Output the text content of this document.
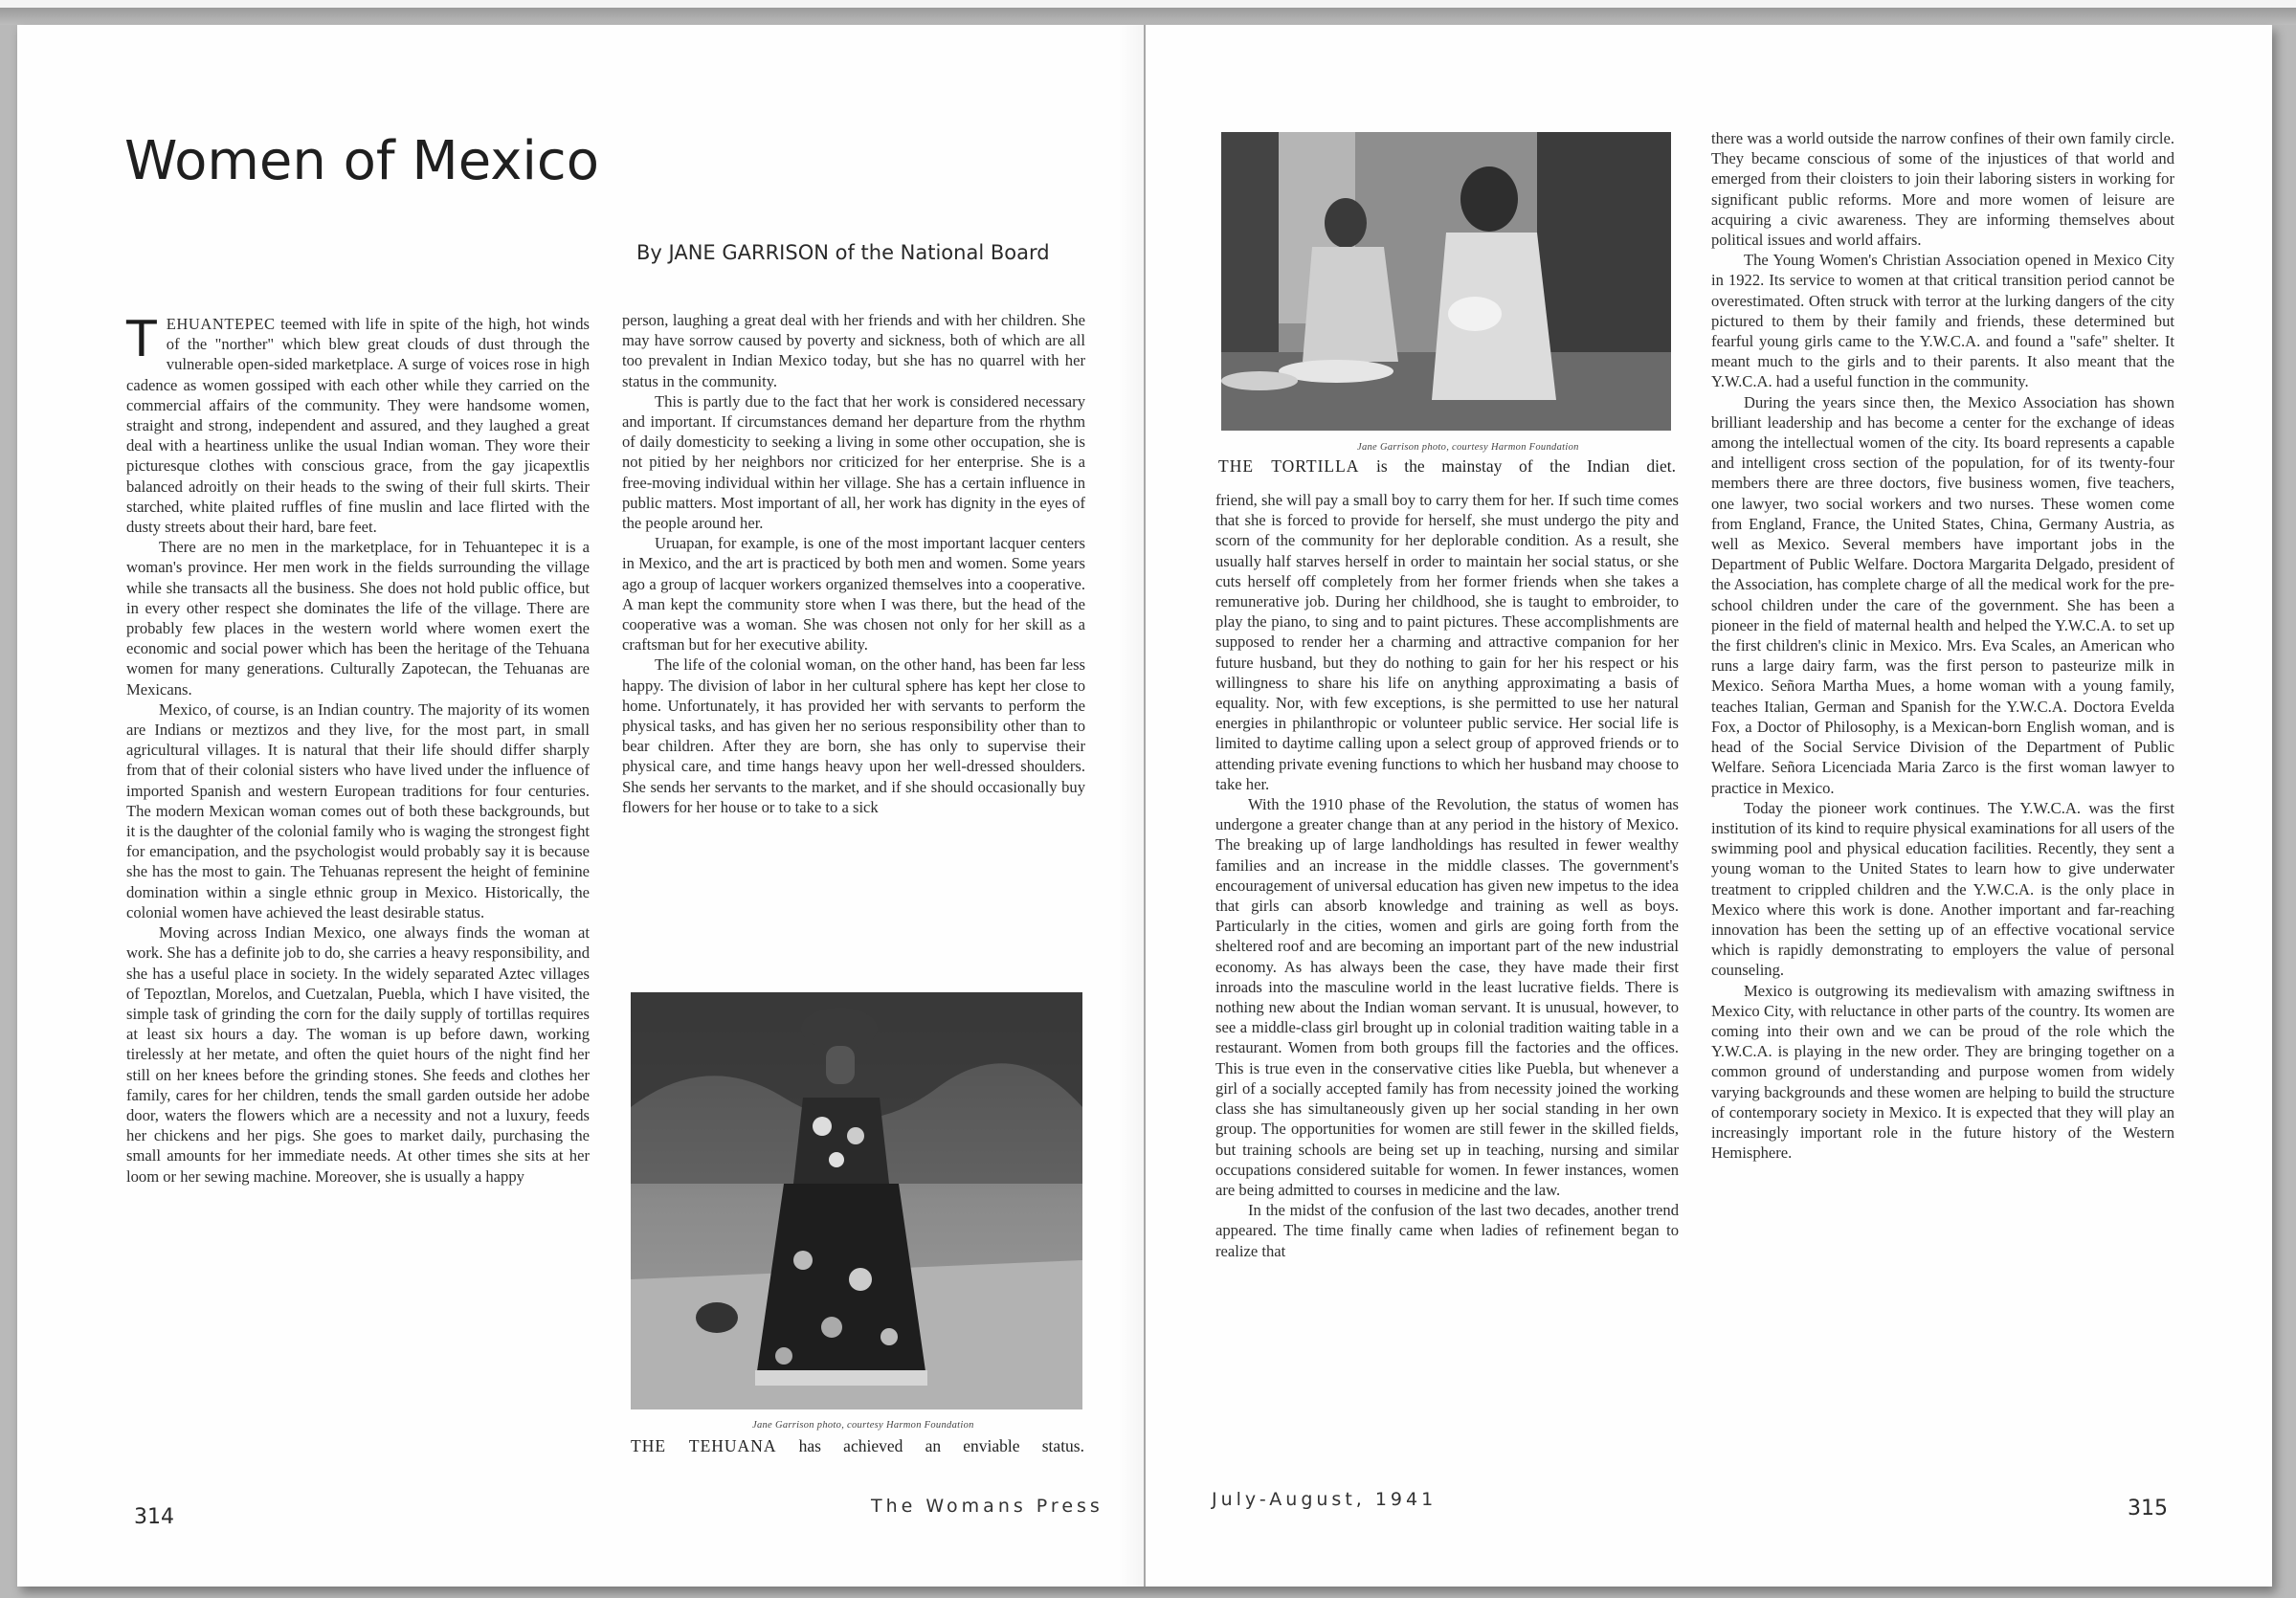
Women of Mexico
By JANE GARRISON of the National Board

TEHUANTEPEC teemed with life in spite of the high, hot winds of the "norther" which blew great clouds of dust through the vulnerable open-sided marketplace. A surge of voices rose in high cadence as women gossiped with each other while they carried on the commercial affairs of the community. They were handsome women, straight and strong, independent and assured, and they laughed a great deal with a heartiness unlike the usual Indian woman. They wore their picturesque clothes with conscious grace, from the gay jicapextlis balanced adroitly on their heads to the swing of their full skirts. Their starched, white plaited ruffles of fine muslin and lace flirted with the dusty streets about their hard, bare feet.

There are no men in the marketplace, for in Tehuantepec it is a woman's province. Her men work in the fields surrounding the village while she transacts all the business. She does not hold public office, but in every other respect she dominates the life of the village. There are probably few places in the western world where women exert the economic and social power which has been the heritage of the Tehuana women for many generations. Culturally Zapotecan, the Tehuanas are Mexicans.

Mexico, of course, is an Indian country. The majority of its women are Indians or meztizos and they live, for the most part, in small agricultural villages. It is natural that their life should differ sharply from that of their colonial sisters who have lived under the influence of imported Spanish and western European traditions for four centuries. The modern Mexican woman comes out of both these backgrounds, but it is the daughter of the colonial family who is waging the strongest fight for emancipation, and the psychologist would probably say it is because she has the most to gain. The Tehuanas represent the height of feminine domination within a single ethnic group in Mexico. Historically, the colonial women have achieved the least desirable status.

Moving across Indian Mexico, one always finds the woman at work. She has a definite job to do, she carries a heavy responsibility, and she has a useful place in society. In the widely separated Aztec villages of Tepoztlan, Morelos, and Cuetzalan, Puebla, which I have visited, the simple task of grinding the corn for the daily supply of tortillas requires at least six hours a day. The woman is up before dawn, working tirelessly at her metate, and often the quiet hours of the night find her still on her knees before the grinding stones. She feeds and clothes her family, cares for her children, tends the small garden outside her adobe door, waters the flowers which are a necessity and not a luxury, feeds her chickens and her pigs. She goes to market daily, purchasing the small amounts for her immediate needs. At other times she sits at her loom or her sewing machine. Moreover, she is usually a happy

person, laughing a great deal with her friends and with her children. She may have sorrow caused by poverty and sickness, both of which are all too prevalent in Indian Mexico today, but she has no quarrel with her status in the community.

This is partly due to the fact that her work is considered necessary and important. If circumstances demand her departure from the rhythm of daily domesticity to seeking a living in some other occupation, she is not pitied by her neighbors nor criticized for her enterprise. She is a free-moving individual within her village. She has a certain influence in public matters. Most important of all, her work has dignity in the eyes of the people around her.

Uruapan, for example, is one of the most important lacquer centers in Mexico, and the art is practiced by both men and women. Some years ago a group of lacquer workers organized themselves into a cooperative. A man kept the community store when I was there, but the head of the cooperative was a woman. She was chosen not only for her skill as a craftsman but for her executive ability.

The life of the colonial woman, on the other hand, has been far less happy. The division of labor in her cultural sphere has kept her close to home. Unfortunately, it has provided her with servants to perform the physical tasks, and has given her no serious responsibility other than to bear children. After they are born, she has only to supervise their physical care, and time hangs heavy upon her well-dressed shoulders. She sends her servants to the market, and if she should occasionally buy flowers for her house or to take to a sick

Jane Garrison photo, courtesy Harmon Foundation
THE TEHUANA has achieved an enviable status.
314	The Womans Press
Jane Garrison photo, courtesy Harmon Foundation
THE TORTILLA is the mainstay of the Indian diet.

friend, she will pay a small boy to carry them for her. If such time comes that she is forced to provide for herself, she must undergo the pity and scorn of the community for her deplorable condition. As a result, she usually half starves herself in order to maintain her social status, or she cuts herself off completely from her former friends when she takes a remunerative job. During her childhood, she is taught to embroider, to play the piano, to sing and to paint pictures. These accomplishments are supposed to render her a charming and attractive companion for her future husband, but they do nothing to gain for her his respect or his willingness to share his life on anything approximating a basis of equality. Nor, with few exceptions, is she permitted to use her natural energies in philanthropic or volunteer public service. Her social life is limited to daytime calling upon a select group of approved friends or to attending private evening functions to which her husband may choose to take her.

With the 1910 phase of the Revolution, the status of women has undergone a greater change than at any period in the history of Mexico. The breaking up of large landholdings has resulted in fewer wealthy families and an increase in the middle classes. The government's encouragement of universal education has given new impetus to the idea that girls can absorb knowledge and training as well as boys. Particularly in the cities, women and girls are going forth from the sheltered roof and are becoming an important part of the new industrial economy. As has always been the case, they have made their first inroads into the masculine world in the least lucrative fields. There is nothing new about the Indian woman servant. It is unusual, however, to see a middle-class girl brought up in colonial tradition waiting table in a restaurant. Women from both groups fill the factories and the offices. This is true even in the conservative cities like Puebla, but whenever a girl of a socially accepted family has from necessity joined the working class she has simultaneously given up her social standing in her own group. The opportunities for women are still fewer in the skilled fields, but training schools are being set up in teaching, nursing and similar occupations considered suitable for women. In fewer instances, women are being admitted to courses in medicine and the law.

In the midst of the confusion of the last two decades, another trend appeared. The time finally came when ladies of refinement began to realize that

there was a world outside the narrow confines of their own family circle. They became conscious of some of the injustices of that world and emerged from their cloisters to join their laboring sisters in working for significant public reforms. More and more women of leisure are acquiring a civic awareness. They are informing themselves about political issues and world affairs.

The Young Women's Christian Association opened in Mexico City in 1922. Its service to women at that critical transition period cannot be overestimated. Often struck with terror at the lurking dangers of the city pictured to them by their family and friends, these determined but fearful young girls came to the Y.W.C.A. and found a "safe" shelter. It meant much to the girls and to their parents. It also meant that the Y.W.C.A. had a useful function in the community.

During the years since then, the Mexico Association has shown brilliant leadership and has become a center for the exchange of ideas among the intellectual women of the city. Its board represents a capable and intelligent cross section of the population, for of its twenty-four members there are three doctors, five business women, five teachers, one lawyer, two social workers and two nurses. These women come from England, France, the United States, China, Germany Austria, as well as Mexico. Several members have important jobs in the Department of Public Welfare. Doctora Margarita Delgado, president of the Association, has complete charge of all the medical work for the pre-school children under the care of the government. She has been a pioneer in the field of maternal health and helped the Y.W.C.A. to set up the first children's clinic in Mexico. Mrs. Eva Scales, an American who runs a large dairy farm, was the first person to pasteurize milk in Mexico. Señora Martha Mues, a home woman with a young family, teaches Italian, German and Spanish for the Y.W.C.A. Doctora Evelda Fox, a Doctor of Philosophy, is a Mexican-born English woman, and is head of the Social Service Division of the Department of Public Welfare. Señora Licenciada Maria Zarco is the first woman lawyer to practice in Mexico.

Today the pioneer work continues. The Y.W.C.A. was the first institution of its kind to require physical examinations for all users of the swimming pool and physical education facilities. Recently, they sent a young woman to the United States to learn how to give underwater treatment to crippled children and the Y.W.C.A. is the only place in Mexico where this work is done. Another important and far-reaching innovation has been the setting up of an effective vocational service which is rapidly demonstrating to employers the value of personal counseling.

Mexico is outgrowing its medievalism with amazing swiftness in Mexico City, with reluctance in other parts of the country. Its women are coming into their own and we can be proud of the role which the Y.W.C.A. is playing in the new order. They are bringing together on a common ground of understanding and purpose women from widely varying backgrounds and these women are helping to build the structure of contemporary society in Mexico. It is expected that they will play an increasingly important role in the future history of the Western Hemisphere.

July-August, 1941	315
